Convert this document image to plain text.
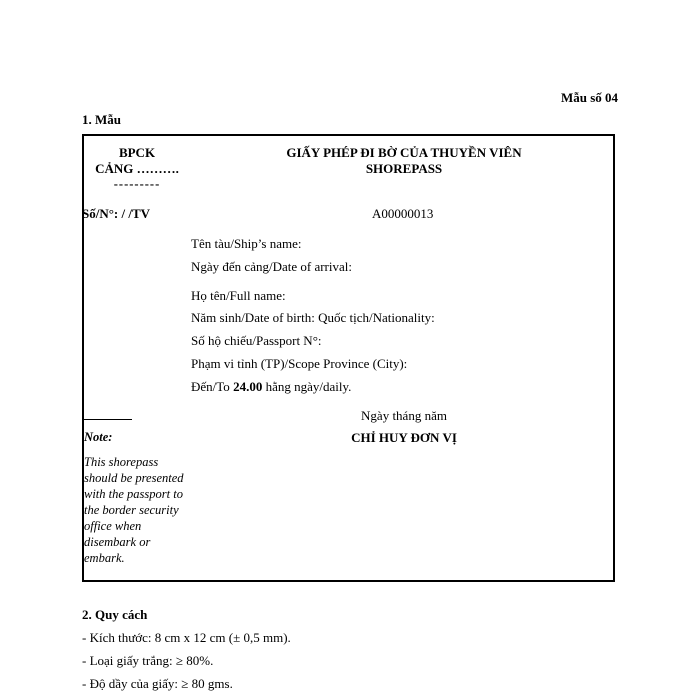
Mẫu số 04
1. Mẫu
BPCK
CẢNG ……….
---------
GIẤY PHÉP ĐI BỜ CỦA THUYỀN VIÊN
SHOREPASS
Số/N°: / /TV	A00000013
Tên tàu/Ship’s name:
Ngày đến cảng/Date of arrival:
Họ tên/Full name:
Năm sinh/Date of birth: Quốc tịch/Nationality:
Số hộ chiếu/Passport N°:
Phạm vi tỉnh (TP)/Scope Province (City):
Đến/To 24.00 hằng ngày/daily.
Ngày tháng năm
CHỈ HUY ĐƠN VỊ
Note:
This shorepass should be presented with the passport to the border security office when disembark or embark.
2. Quy cách
- Kích thước: 8 cm x 12 cm (± 0,5 mm).
- Loại giấy trắng: ≥ 80%.
- Độ dầy của giấy: ≥ 80 gms.
